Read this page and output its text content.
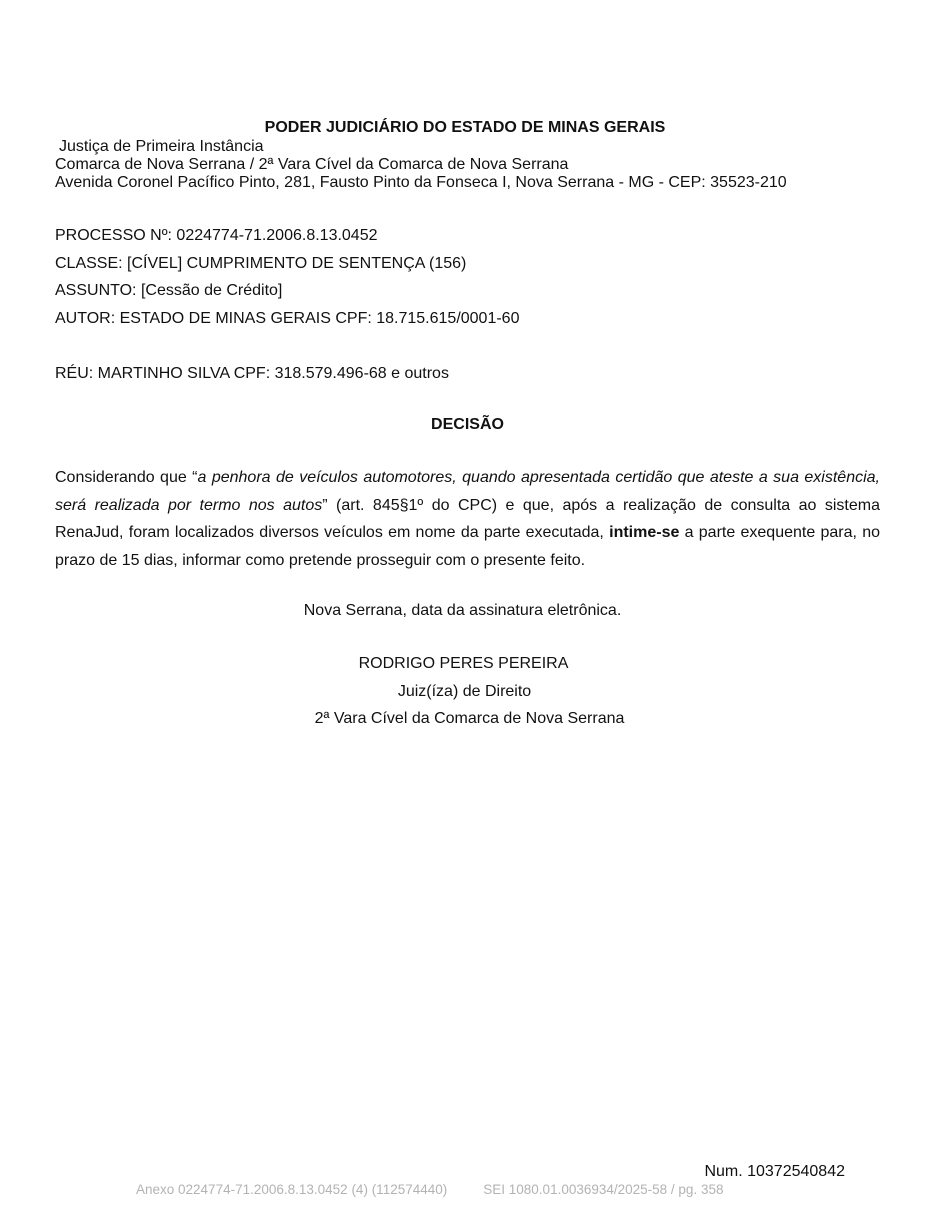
PODER JUDICIÁRIO DO ESTADO DE MINAS GERAIS
Justiça de Primeira Instância
Comarca de Nova Serrana / 2ª Vara Cível da Comarca de Nova Serrana
Avenida Coronel Pacífico Pinto, 281, Fausto Pinto da Fonseca I, Nova Serrana - MG - CEP: 35523-210
PROCESSO Nº: 0224774-71.2006.8.13.0452
CLASSE: [CÍVEL] CUMPRIMENTO DE SENTENÇA (156)
ASSUNTO: [Cessão de Crédito]
AUTOR: ESTADO DE MINAS GERAIS CPF: 18.715.615/0001-60
RÉU: MARTINHO SILVA CPF: 318.579.496-68 e outros
DECISÃO
Considerando que “a penhora de veículos automotores, quando apresentada certidão que ateste a sua existência, será realizada por termo nos autos” (art. 845§1º do CPC) e que, após a realização de consulta ao sistema RenaJud, foram localizados diversos veículos em nome da parte executada, intime-se a parte exequente para, no prazo de 15 dias, informar como pretende prosseguir com o presente feito.
Nova Serrana, data da assinatura eletrônica.
RODRIGO PERES PEREIRA
Juiz(íza) de Direito
2ª Vara Cível da Comarca de Nova Serrana
Num. 10372540842
Anexo 0224774-71.2006.8.13.0452 (4) (112574440)	SEI 1080.01.0036934/2025-58 / pg. 358
